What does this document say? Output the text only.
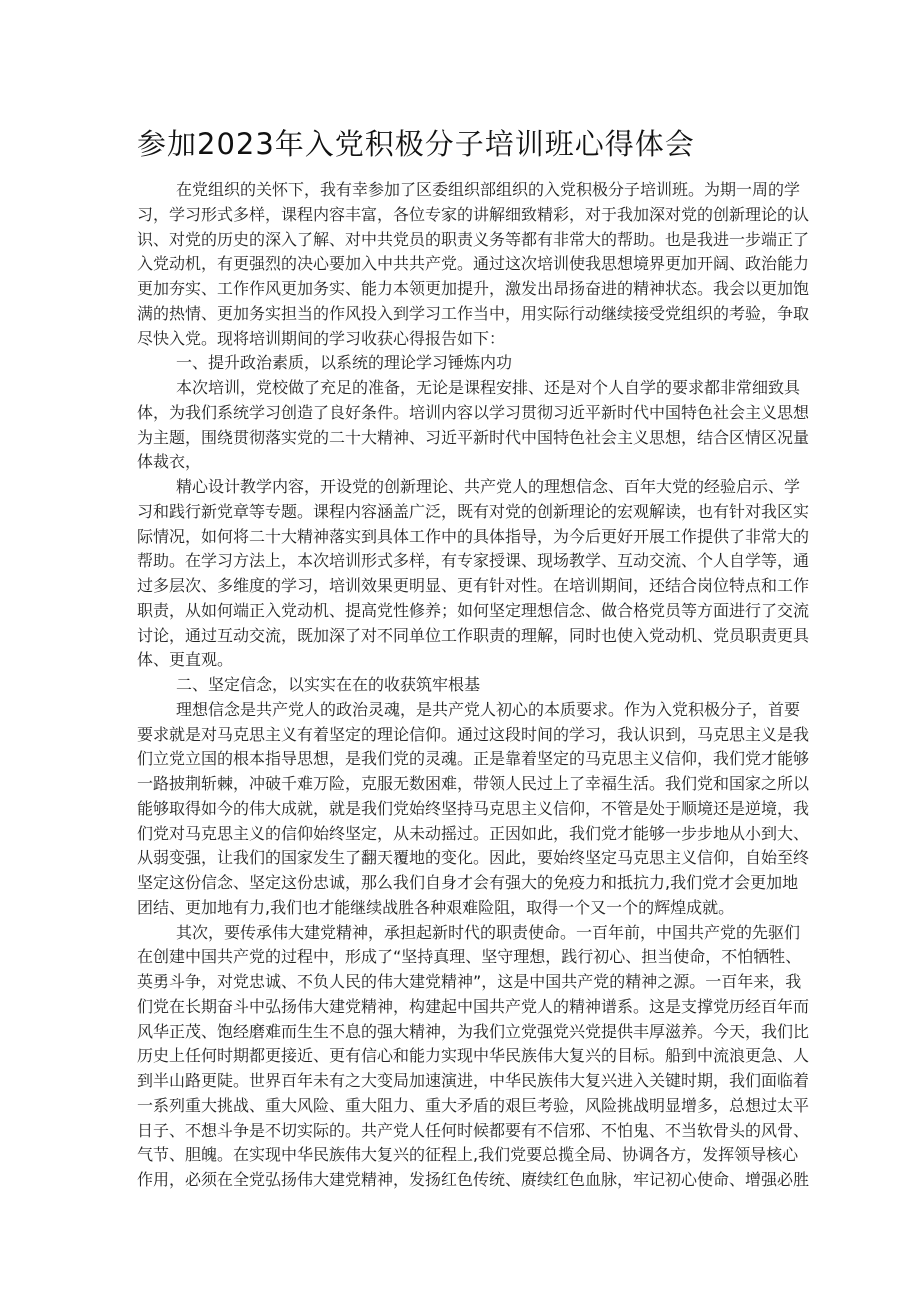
参加2023年入党积极分子培训班心得体会
在党组织的关怀下，我有幸参加了区委组织部组织的入党积极分子培训班。为期一周的学
习，学习形式多样，课程内容丰富，各位专家的讲解细致精彩，对于我加深对党的创新理论的认
识、对党的历史的深入了解、对中共党员的职责义务等都有非常大的帮助。也是我进一步端正了
入党动机，有更强烈的决心要加入中共共产党。通过这次培训使我思想境界更加开阔、政治能力
更加夯实、工作作风更加务实、能力本领更加提升，激发出昂扬奋进的精神状态。我会以更加饱
满的热情、更加务实担当的作风投入到学习工作当中，用实际行动继续接受党组织的考验，争取
尽快入党。现将培训期间的学习收获心得报告如下：
一、提升政治素质，以系统的理论学习锤炼内功
本次培训，党校做了充足的准备，无论是课程安排、还是对个人自学的要求都非常细致具
体，为我们系统学习创造了良好条件。培训内容以学习贯彻习近平新时代中国特色社会主义思想
为主题，围绕贯彻落实党的二十大精神、习近平新时代中国特色社会主义思想，结合区情区况量
体裁衣，
精心设计教学内容，开设党的创新理论、共产党人的理想信念、百年大党的经验启示、学
习和践行新党章等专题。课程内容涵盖广泛，既有对党的创新理论的宏观解读，也有针对我区实
际情况，如何将二十大精神落实到具体工作中的具体指导，为今后更好开展工作提供了非常大的
帮助。在学习方法上，本次培训形式多样，有专家授课、现场教学、互动交流、个人自学等，通
过多层次、多维度的学习，培训效果更明显、更有针对性。在培训期间，还结合岗位特点和工作
职责，从如何端正入党动机、提高党性修养；如何坚定理想信念、做合格党员等方面进行了交流
讨论，通过互动交流，既加深了对不同单位工作职责的理解，同时也使入党动机、党员职责更具
体、更直观。
二、坚定信念，以实实在在的收获筑牢根基
理想信念是共产党人的政治灵魂，是共产党人初心的本质要求。作为入党积极分子，首要
要求就是对马克思主义有着坚定的理论信仰。通过这段时间的学习，我认识到，马克思主义是我
们立党立国的根本指导思想，是我们党的灵魂。正是靠着坚定的马克思主义信仰，我们党才能够
一路披荆斩棘，冲破千难万险，克服无数困难，带领人民过上了幸福生活。我们党和国家之所以
能够取得如今的伟大成就，就是我们党始终坚持马克思主义信仰，不管是处于顺境还是逆境，我
们党对马克思主义的信仰始终坚定，从未动摇过。正因如此，我们党才能够一步步地从小到大、
从弱变强，让我们的国家发生了翻天覆地的变化。因此，要始终坚定马克思主义信仰，自始至终
坚定这份信念、坚定这份忠诚，那么我们自身才会有强大的免疫力和抵抗力,我们党才会更加地
团结、更加地有力,我们也才能继续战胜各种艰难险阻，取得一个又一个的辉煌成就。
其次，要传承伟大建党精神，承担起新时代的职责使命。一百年前，中国共产党的先驱们
在创建中国共产党的过程中，形成了“坚持真理、坚守理想，践行初心、担当使命，不怕牺牲、
英勇斗争，对党忠诚、不负人民的伟大建党精神”，这是中国共产党的精神之源。一百年来，我
们党在长期奋斗中弘扬伟大建党精神，构建起中国共产党人的精神谱系。这是支撑党历经百年而
风华正茂、饱经磨难而生生不息的强大精神，为我们立党强党兴党提供丰厚滋养。今天，我们比
历史上任何时期都更接近、更有信心和能力实现中华民族伟大复兴的目标。船到中流浪更急、人
到半山路更陡。世界百年未有之大变局加速演进，中华民族伟大复兴进入关键时期，我们面临着
一系列重大挑战、重大风险、重大阻力、重大矛盾的艰巨考验，风险挑战明显增多，总想过太平
日子、不想斗争是不切实际的。共产党人任何时候都要有不信邪、不怕鬼、不当软骨头的风骨、
气节、胆魄。在实现中华民族伟大复兴的征程上,我们党要总揽全局、协调各方，发挥领导核心
作用，必须在全党弘扬伟大建党精神，发扬红色传统、赓续红色血脉，牢记初心使命、增强必胜
